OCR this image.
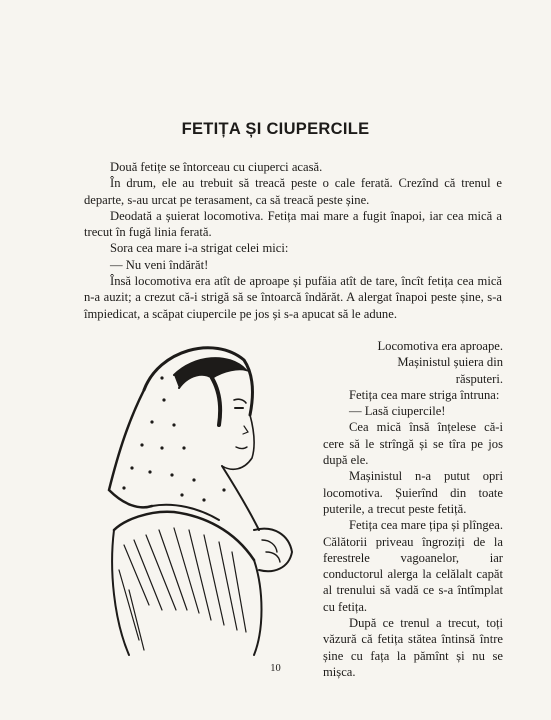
FETIȚA ȘI CIUPERCILE

Două fetițe se întorceau cu ciuperci acasă.

În drum, ele au trebuit să treacă peste o cale ferată. Crezînd că trenul e departe, s-au urcat pe terasament, ca să treacă peste șine.

Deodată a șuierat locomotiva. Fetița mai mare a fugit înapoi, iar cea mică a trecut în fugă linia ferată.

Sora cea mare i-a strigat celei mici:

— Nu veni îndărăt!

Însă locomotiva era atît de aproape și pufăia atît de tare, încît fetița cea mică n-a auzit; a crezut că-i strigă să se întoarcă îndărăt. A alergat înapoi peste șine, s-a împiedicat, a scăpat ciupercile pe jos și s-a apucat să le adune.

Locomotiva era aproape.

Mașinistul șuiera din răsputeri.

Fetița cea mare striga întruna:

— Lasă ciupercile!

Cea mică însă înțelese că-i cere să le strîngă și se tîra pe jos după ele.

Mașinistul n-a putut opri locomotiva. Șuierînd din toate puterile, a trecut peste fetiță.

Fetița cea mare țipa și plîngea. Călătorii priveau îngroziți de la ferestrele vagoanelor, iar conductorul alerga la celălalt capăt al trenului să vadă ce s-a întîmplat cu fetița.

După ce trenul a trecut, toți văzură că fetița stătea întinsă între șine cu fața la pămînt și nu se mișca.

10
